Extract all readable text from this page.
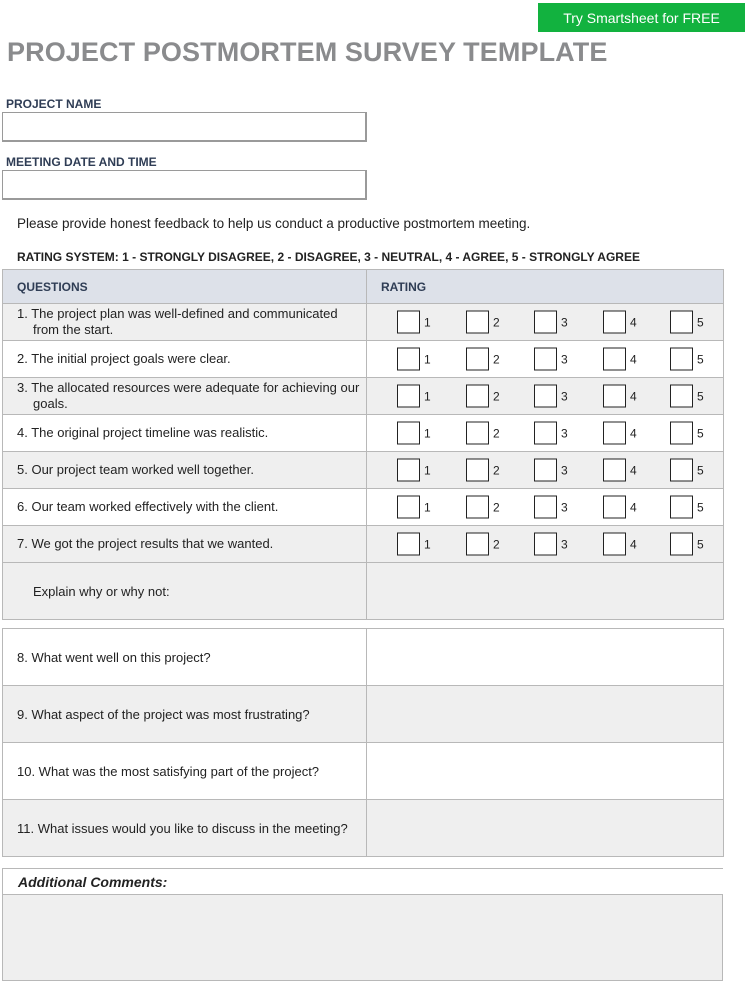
Try Smartsheet for FREE
PROJECT POSTMORTEM SURVEY TEMPLATE
PROJECT NAME
MEETING DATE AND TIME
Please provide honest feedback to help us conduct a productive postmortem meeting.
RATING SYSTEM: 1 - STRONGLY DISAGREE, 2 - DISAGREE, 3 - NEUTRAL, 4 - AGREE, 5 - STRONGLY AGREE
QUESTIONS	RATING

1. The project plan was well-defined and communicated from the start.	1 2 3 4 5

2. The initial project goals were clear.	1 2 3 4 5

3. The allocated resources were adequate for achieving our goals.	1 2 3 4 5

4. The original project timeline was realistic.	1 2 3 4 5

5. Our project team worked well together.	1 2 3 4 5

6. Our team worked effectively with the client.	1 2 3 4 5

7. We got the project results that we wanted.	1 2 3 4 5

Explain why or why not:	
8. What went well on this project?	
9. What aspect of the project was most frustrating?	
10. What was the most satisfying part of the project?	
11. What issues would you like to discuss in the meeting?	
Additional Comments:
